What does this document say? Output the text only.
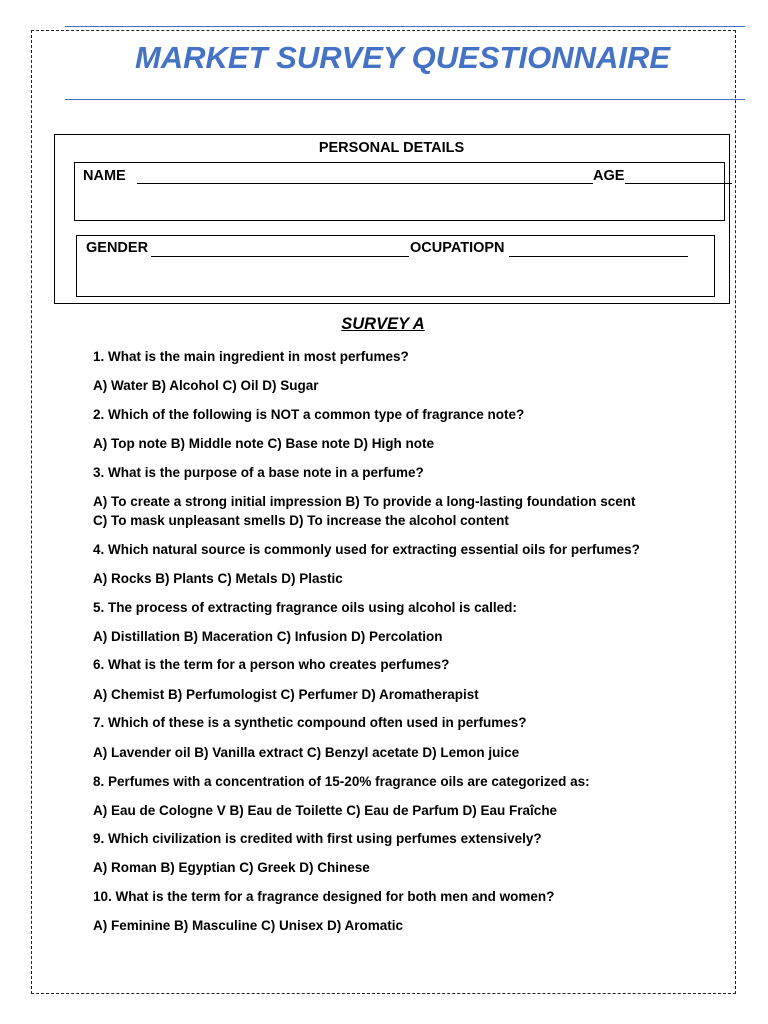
MARKET SURVEY QUESTIONNAIRE
PERSONAL DETAILS
NAME	AGE
GENDER	OCUPATIOPN
SURVEY A
1. What is the main ingredient in most perfumes?
A) Water B) Alcohol C) Oil D) Sugar
2. Which of the following is NOT a common type of fragrance note?
A) Top note B) Middle note C) Base note D) High note
3. What is the purpose of a base note in a perfume?
A) To create a strong initial impression B) To provide a long-lasting foundation scent
C) To mask unpleasant smells D) To increase the alcohol content
4. Which natural source is commonly used for extracting essential oils for perfumes?
A) Rocks B) Plants C) Metals D) Plastic
5. The process of extracting fragrance oils using alcohol is called:
A) Distillation B) Maceration C) Infusion D) Percolation
6. What is the term for a person who creates perfumes?
A) Chemist B) Perfumologist C) Perfumer D) Aromatherapist
7. Which of these is a synthetic compound often used in perfumes?
A) Lavender oil B) Vanilla extract C) Benzyl acetate D) Lemon juice
8. Perfumes with a concentration of 15-20% fragrance oils are categorized as:
A) Eau de Cologne V B) Eau de Toilette C) Eau de Parfum D) Eau Fraîche
9. Which civilization is credited with first using perfumes extensively?
A) Roman B) Egyptian C) Greek D) Chinese
10. What is the term for a fragrance designed for both men and women?
A) Feminine B) Masculine C) Unisex D) Aromatic
